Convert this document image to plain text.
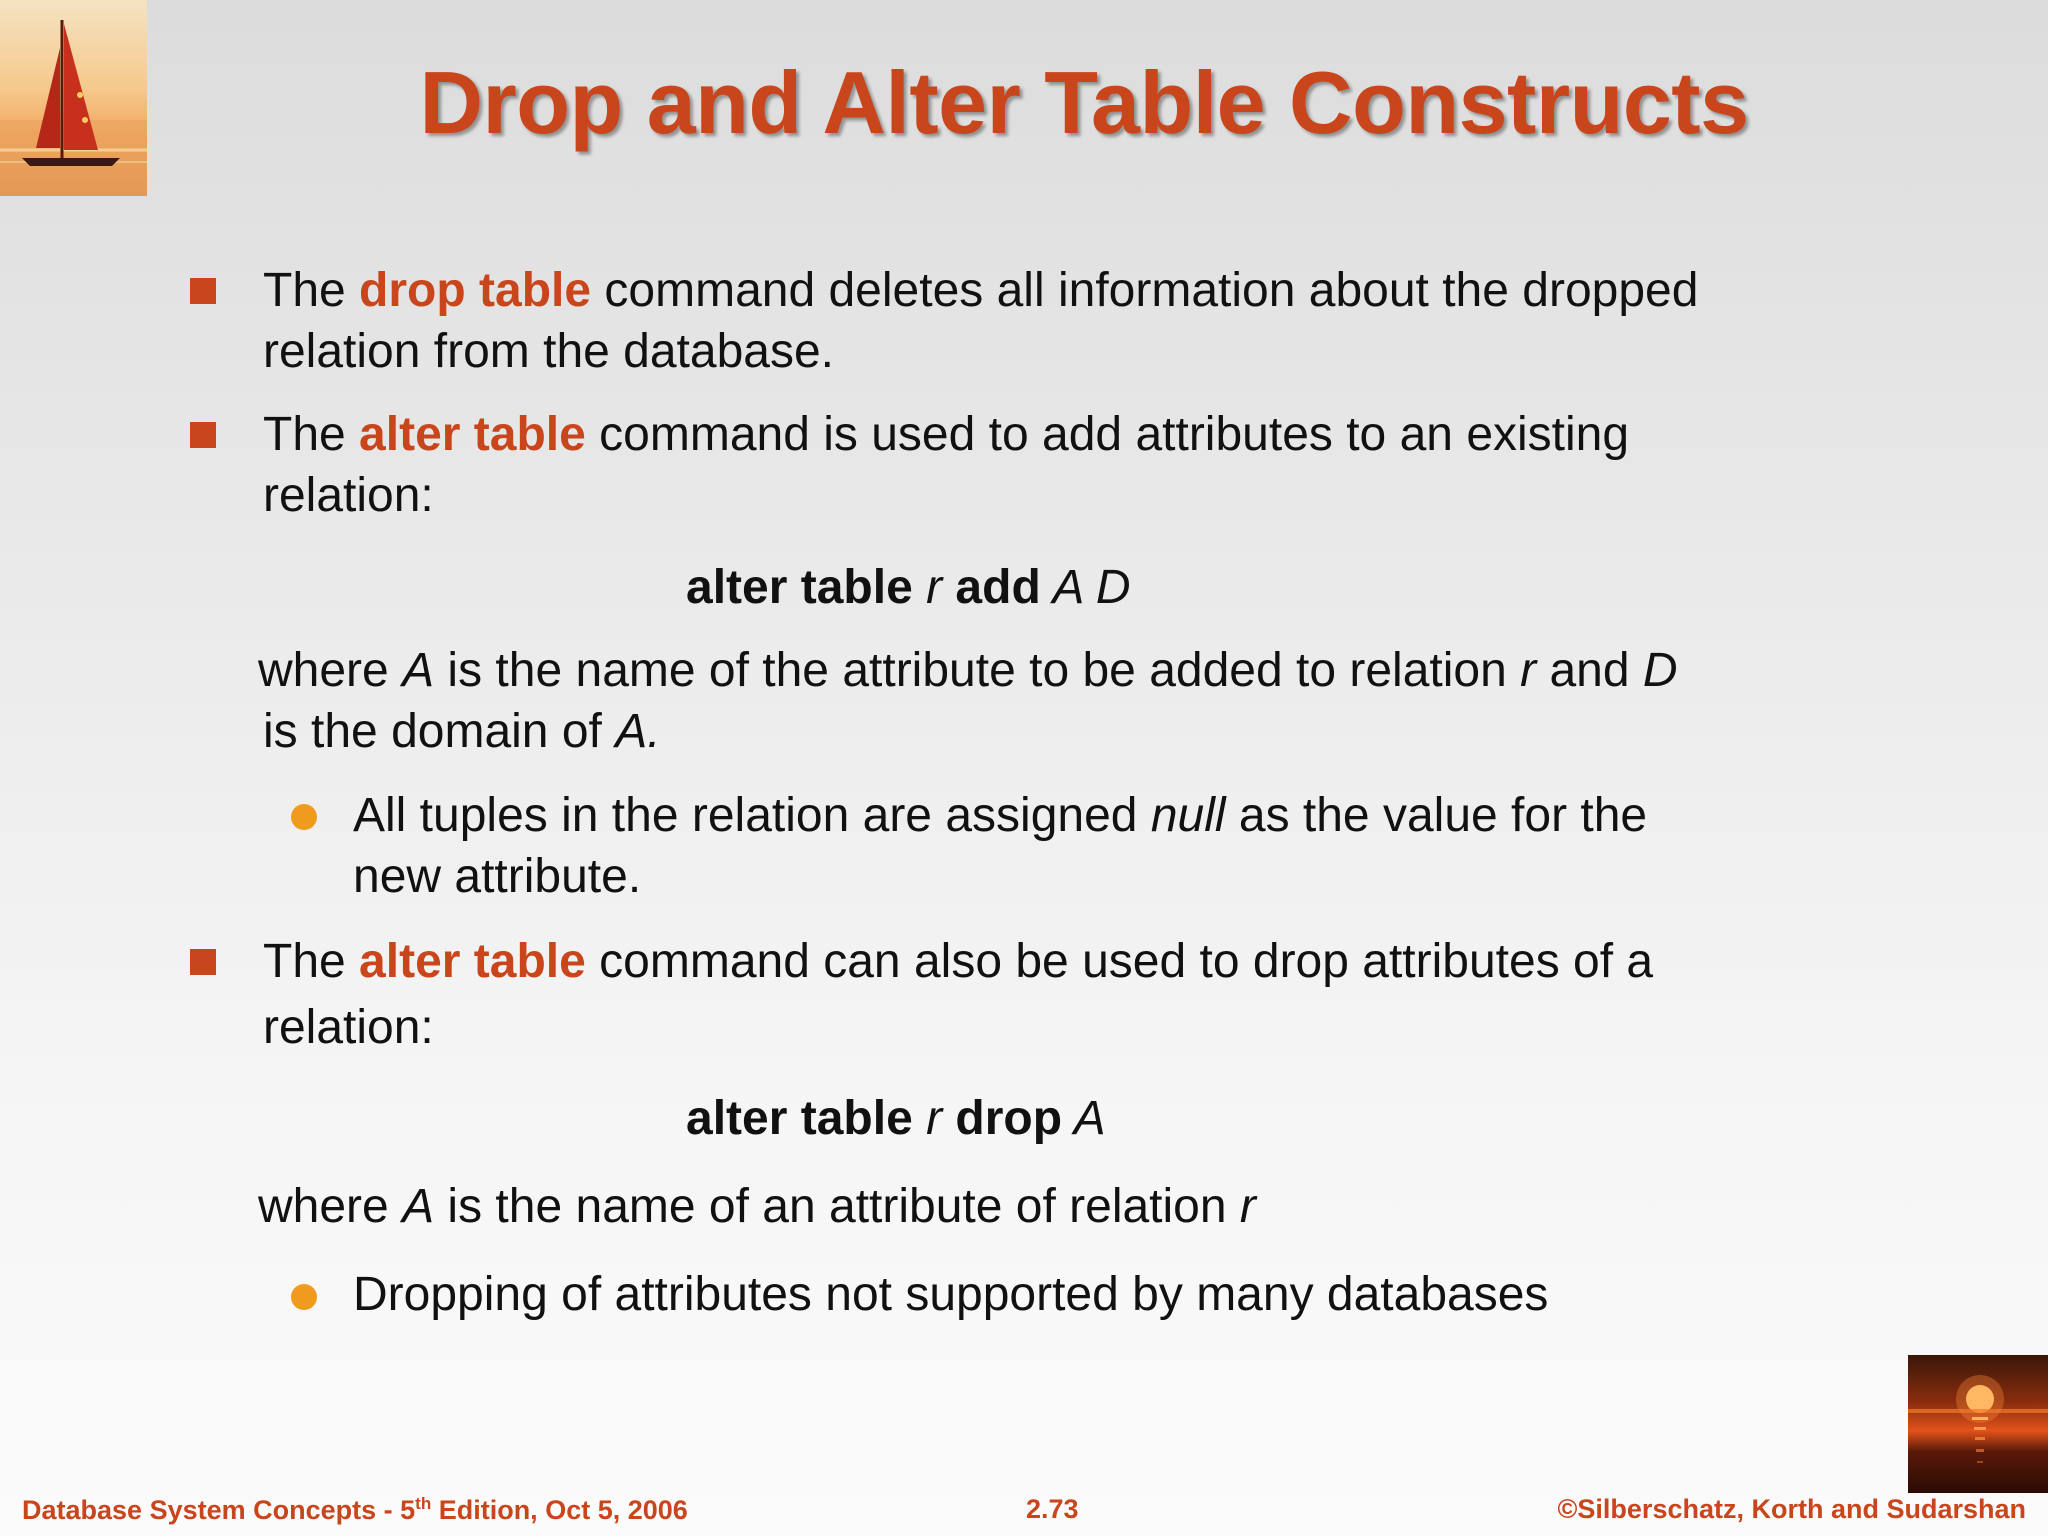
Drop and Alter Table Constructs
The drop table command deletes all information about the dropped
relation from the database.
The alter table command is used to add attributes to an existing
relation:
alter table r add A D
where A is the name of the attribute to be added to relation r and D
is the domain of A.
All tuples in the relation are assigned null as the value for the
new attribute.
The alter table command can also be used to drop attributes of a
relation:
alter table r drop A
where A is the name of an attribute of relation r
Dropping of attributes not supported by many databases
Database System Concepts - 5th Edition, Oct 5, 2006	2.73	©Silberschatz, Korth and Sudarshan
